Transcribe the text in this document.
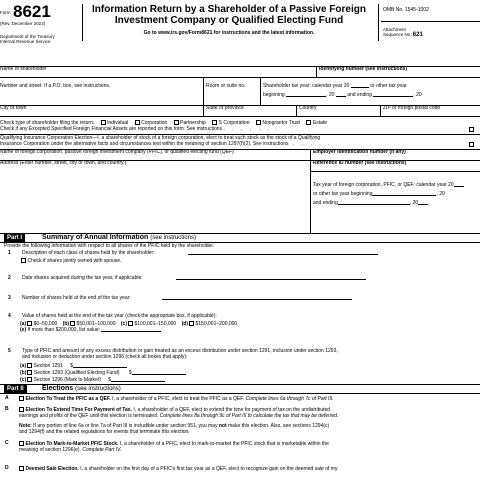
Form 8621
(Rev. December 2023)
Department of the Treasury
Internal Revenue Service
Information Return by a Shareholder of a Passive Foreign
Investment Company or Qualified Electing Fund
Go to www.irs.gov/Form8621 for instructions and the latest information.
OMB No. 1545-1002
Attachment
Sequence No. 621
Name of shareholder	Identifying number (see instructions)
Number and street. If a P.O. box, see instructions.	Room or suite no.	Shareholder tax year: calendar year 20	or other tax year
beginning	, 20	and ending	, 20
City or town	State or province	Country	ZIP or foreign postal code
Check type of shareholder filing the return:	Individual	Corporation	Partnership	S Corporation	Nongrantor Trust	Estate
Check if any Excepted Specified Foreign Financial Assets are reported on this form. See instructions . . . . . . .
Qualifying Insurance Corporation Election—I, a shareholder of stock of a foreign corporation, elect to treat such stock as the stock of a Qualifying
Insurance Corporation under the alternative facts and circumstances test within the meaning of section 1297(f)(2). See instructions . . . . .
Name of foreign corporation, passive foreign investment company (PFIC), or qualified electing fund (QEF)	Employer identification number (if any)
Address (Enter number, street, city or town, and country.)	Reference ID number (see instructions)
Tax year of foreign corporation, PFIC, or QEF: calendar year 20
or other tax year beginning	, 20
and ending	, 20
Part I	Summary of Annual Information (see instructions)
Provide the following information with respect to all shares of the PFIC held by the shareholder.
1 Description of each class of shares held by the shareholder:
Check if shares jointly owned with spouse.
2 Date shares acquired during the tax year, if applicable:
3 Number of shares held at the end of the tax year:
4 Value of shares held at the end of the tax year (check the appropriate box, if applicable):
(a) $0–50,000 (b) $50,001–100,000 (c) $100,001–150,000 (d) $150,001–200,000
(e) If more than $200,000, list value:
5 Type of PFIC and amount of any excess distribution or gain treated as an excess distribution under section 1291, inclusion under section 1293,
and inclusion or deduction under section 1296 (check all boxes that apply):
(a) Section 1291 $
(b) Section 1293 (Qualified Electing Fund) $
(c) Section 1296 (Mark to Market) $
Part II	Elections (see instructions)
A	Election To Treat the PFIC as a QEF. I, a shareholder of a PFIC, elect to treat the PFIC as a QEF. Complete lines 6a through 7c of Part III.
B	Election To Extend Time For Payment of Tax. I, a shareholder of a QEF, elect to extend the time for payment of tax on the undistributed
earnings and profits of the QEF until this election is terminated. Complete lines 8a through 9c of Part III to calculate the tax that may be deferred.
Note: If any portion of line 6a or line 7a of Part III is includible under section 951, you may not make this election. Also, see sections 1294(c)
and 1294(f) and the related regulations for events that terminate this election.
C	Election To Mark-to-Market PFIC Stock. I, a shareholder of a PFIC, elect to mark-to-market the PFIC stock that is marketable within the
meaning of section 1296(e). Complete Part IV.
D	Deemed Sale Election. I, a shareholder on the first day of a PFIC's first tax year as a QEF, elect to recognize gain on the deemed sale of my
